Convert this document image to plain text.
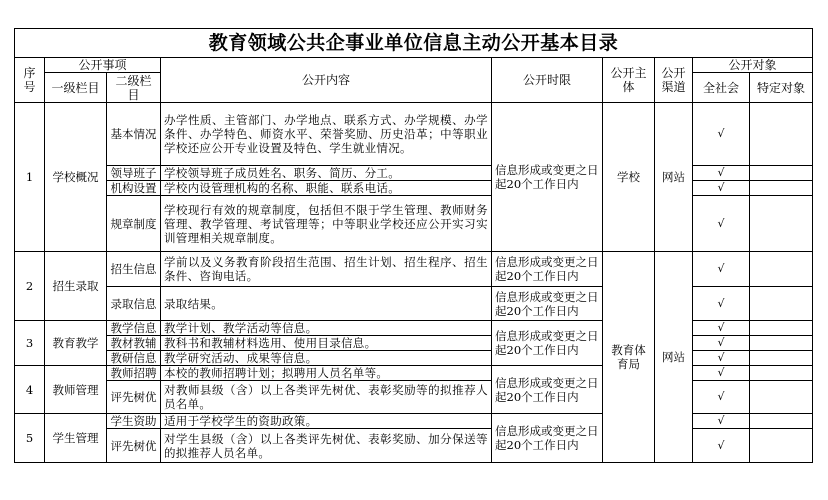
教育领域公共企事业单位信息主动公开基本目录								
序号	公开事项		公开内容	公开时限	公开主体	公开渠道	公开对象	
	一级栏目	二级栏目					全社会	特定对象
1	学校概况	基本情况	办学性质、主管部门、办学地点、联系方式、办学规模、办学条件、办学特色、师资水平、荣誉奖励、历史沿革；中等职业学校还应公开专业设置及特色、学生就业情况。	信息形成或变更之日起20个工作日内	学校	网站	√	
		领导班子	学校领导班子成员姓名、职务、简历、分工。				√	
		机构设置	学校内设管理机构的名称、职能、联系电话。				√	
		规章制度	学校现行有效的规章制度，包括但不限于学生管理、教师财务管理、教学管理、考试管理等；中等职业学校还应公开实习实训管理相关规章制度。				√	
2	招生录取	招生信息	学前以及义务教育阶段招生范围、招生计划、招生程序、招生条件、咨询电话。	信息形成或变更之日起20个工作日内	教育体育局	网站	√	
		录取信息	录取结果。	信息形成或变更之日起20个工作日内			√	
3	教育教学	教学信息	教学计划、教学活动等信息。	信息形成或变更之日起20个工作日内			√	
		教材教辅	教科书和教辅材料选用、使用目录信息。				√	
		教研信息	教学研究活动、成果等信息。				√	
4	教师管理	教师招聘	本校的教师招聘计划；拟聘用人员名单等。	信息形成或变更之日起20个工作日内			√	
		评先树优	对教师县级（含）以上各类评先树优、表彰奖励等的拟推荐人员名单。				√	
5	学生管理	学生资助	适用于学校学生的资助政策。	信息形成或变更之日起20个工作日内			√	
		评先树优	对学生县级（含）以上各类评先树优、表彰奖励、加分保送等的拟推荐人员名单。				√	
